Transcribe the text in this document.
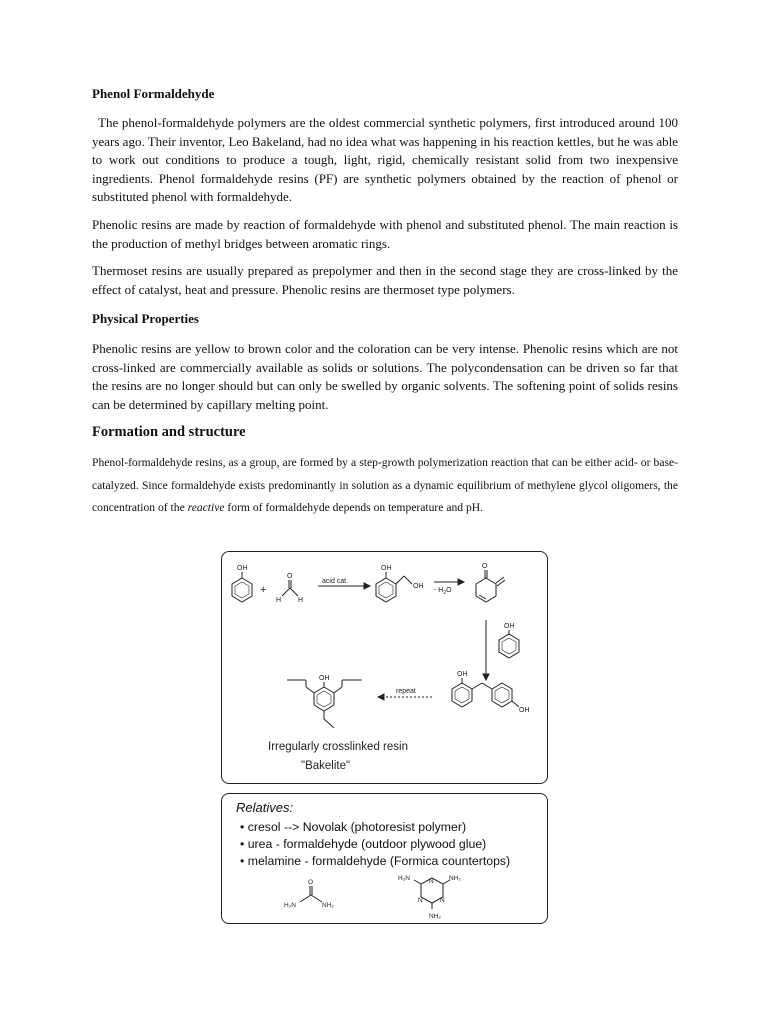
Phenol Formaldehyde

The phenol-formaldehyde polymers are the oldest commercial synthetic polymers, first introduced around 100 years ago. Their inventor, Leo Bakeland, had no idea what was happening in his reaction kettles, but he was able to work out conditions to produce a tough, light, rigid, chemically resistant solid from two inexpensive ingredients. Phenol formaldehyde resins (PF) are synthetic polymers obtained by the reaction of phenol or substituted phenol with formaldehyde.

Phenolic resins are made by reaction of formaldehyde with phenol and substituted phenol. The main reaction is the production of methyl bridges between aromatic rings.

Thermoset resins are usually prepared as prepolymer and then in the second stage they are cross-linked by the effect of catalyst, heat and pressure. Phenolic resins are thermoset type polymers.

Physical Properties

Phenolic resins are yellow to brown color and the coloration can be very intense. Phenolic resins which are not cross-linked are commercially available as solids or solutions. The polycondensation can be driven so far that the resins are no longer should but can only be swelled by organic solvents. The softening point of solids resins can be determined by capillary melting point.

Formation and structure

Phenol-formaldehyde resins, as a group, are formed by a step-growth polymerization reaction that can be either acid- or base-catalyzed. Since formaldehyde exists predominantly in solution as a dynamic equilibrium of methylene glycol oligomers, the concentration of the reactive form of formaldehyde depends on temperature and pH.

OH
+
O
H H
acid cat.
OH
OH
- $H_2O$
O
OH
OH
OH
repeat
OH
Irregularly crosslinked resin
"Bakelite"
Relatives:
• cresol --> Novolak (photoresist polymer)
• urea - formaldehyde (outdoor plywood glue)
• melamine - formaldehyde (Formica countertops)
O
H₂N	NH₂
H₂N	NH₂
NH₂
N
N	N
